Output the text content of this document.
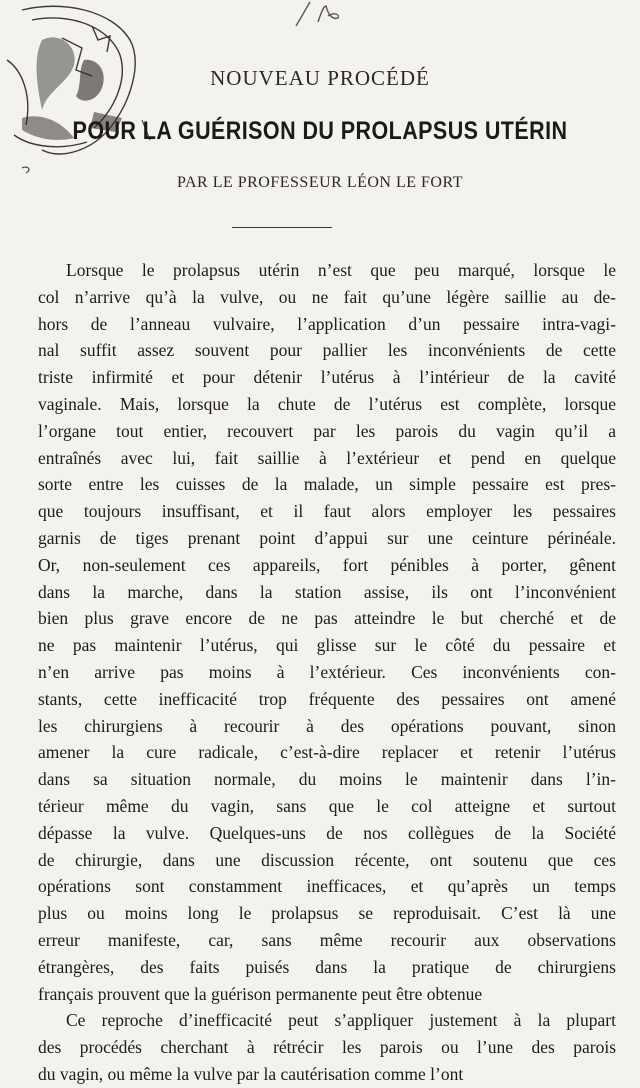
NOUVEAU PROCÉDÉ
POUR LA GUÉRISON DU PROLAPSUS UTÉRIN
PAR LE PROFESSEUR LÉON LE FORT
Lorsque le prolapsus utérin n’est que peu marqué, lorsque le
col n’arrive qu’à la vulve, ou ne fait qu’une légère saillie au de-
hors de l’anneau vulvaire, l’application d’un pessaire intra-vagi-
nal suffit assez souvent pour pallier les inconvénients de cette
triste infirmité et pour détenir l’utérus à l’intérieur de la cavité
vaginale. Mais, lorsque la chute de l’utérus est complète, lorsque
l’organe tout entier, recouvert par les parois du vagin qu’il a
entraînés avec lui, fait saillie à l’extérieur et pend en quelque
sorte entre les cuisses de la malade, un simple pessaire est pres-
que toujours insuffisant, et il faut alors employer les pessaires
garnis de tiges prenant point d’appui sur une ceinture périnéale.
Or, non-seulement ces appareils, fort pénibles à porter, gênent
dans la marche, dans la station assise, ils ont l’inconvénient
bien plus grave encore de ne pas atteindre le but cherché et de
ne pas maintenir l’utérus, qui glisse sur le côté du pessaire et
n’en arrive pas moins à l’extérieur. Ces inconvénients con-
stants, cette inefficacité trop fréquente des pessaires ont amené
les chirurgiens à recourir à des opérations pouvant, sinon
amener la cure radicale, c’est-à-dire replacer et retenir l’utérus
dans sa situation normale, du moins le maintenir dans l’in-
térieur même du vagin, sans que le col atteigne et surtout
dépasse la vulve. Quelques-uns de nos collègues de la Société
de chirurgie, dans une discussion récente, ont soutenu que ces
opérations sont constamment inefficaces, et qu’après un temps
plus ou moins long le prolapsus se reproduisait. C’est là une
erreur manifeste, car, sans même recourir aux observations
étrangères, des faits puisés dans la pratique de chirurgiens
français prouvent que la guérison permanente peut être obtenue
Ce reproche d’inefficacité peut s’appliquer justement à la plupart
des procédés cherchant à rétrécir les parois ou l’une des parois
du vagin, ou même la vulve par la cautérisation comme l’ont
